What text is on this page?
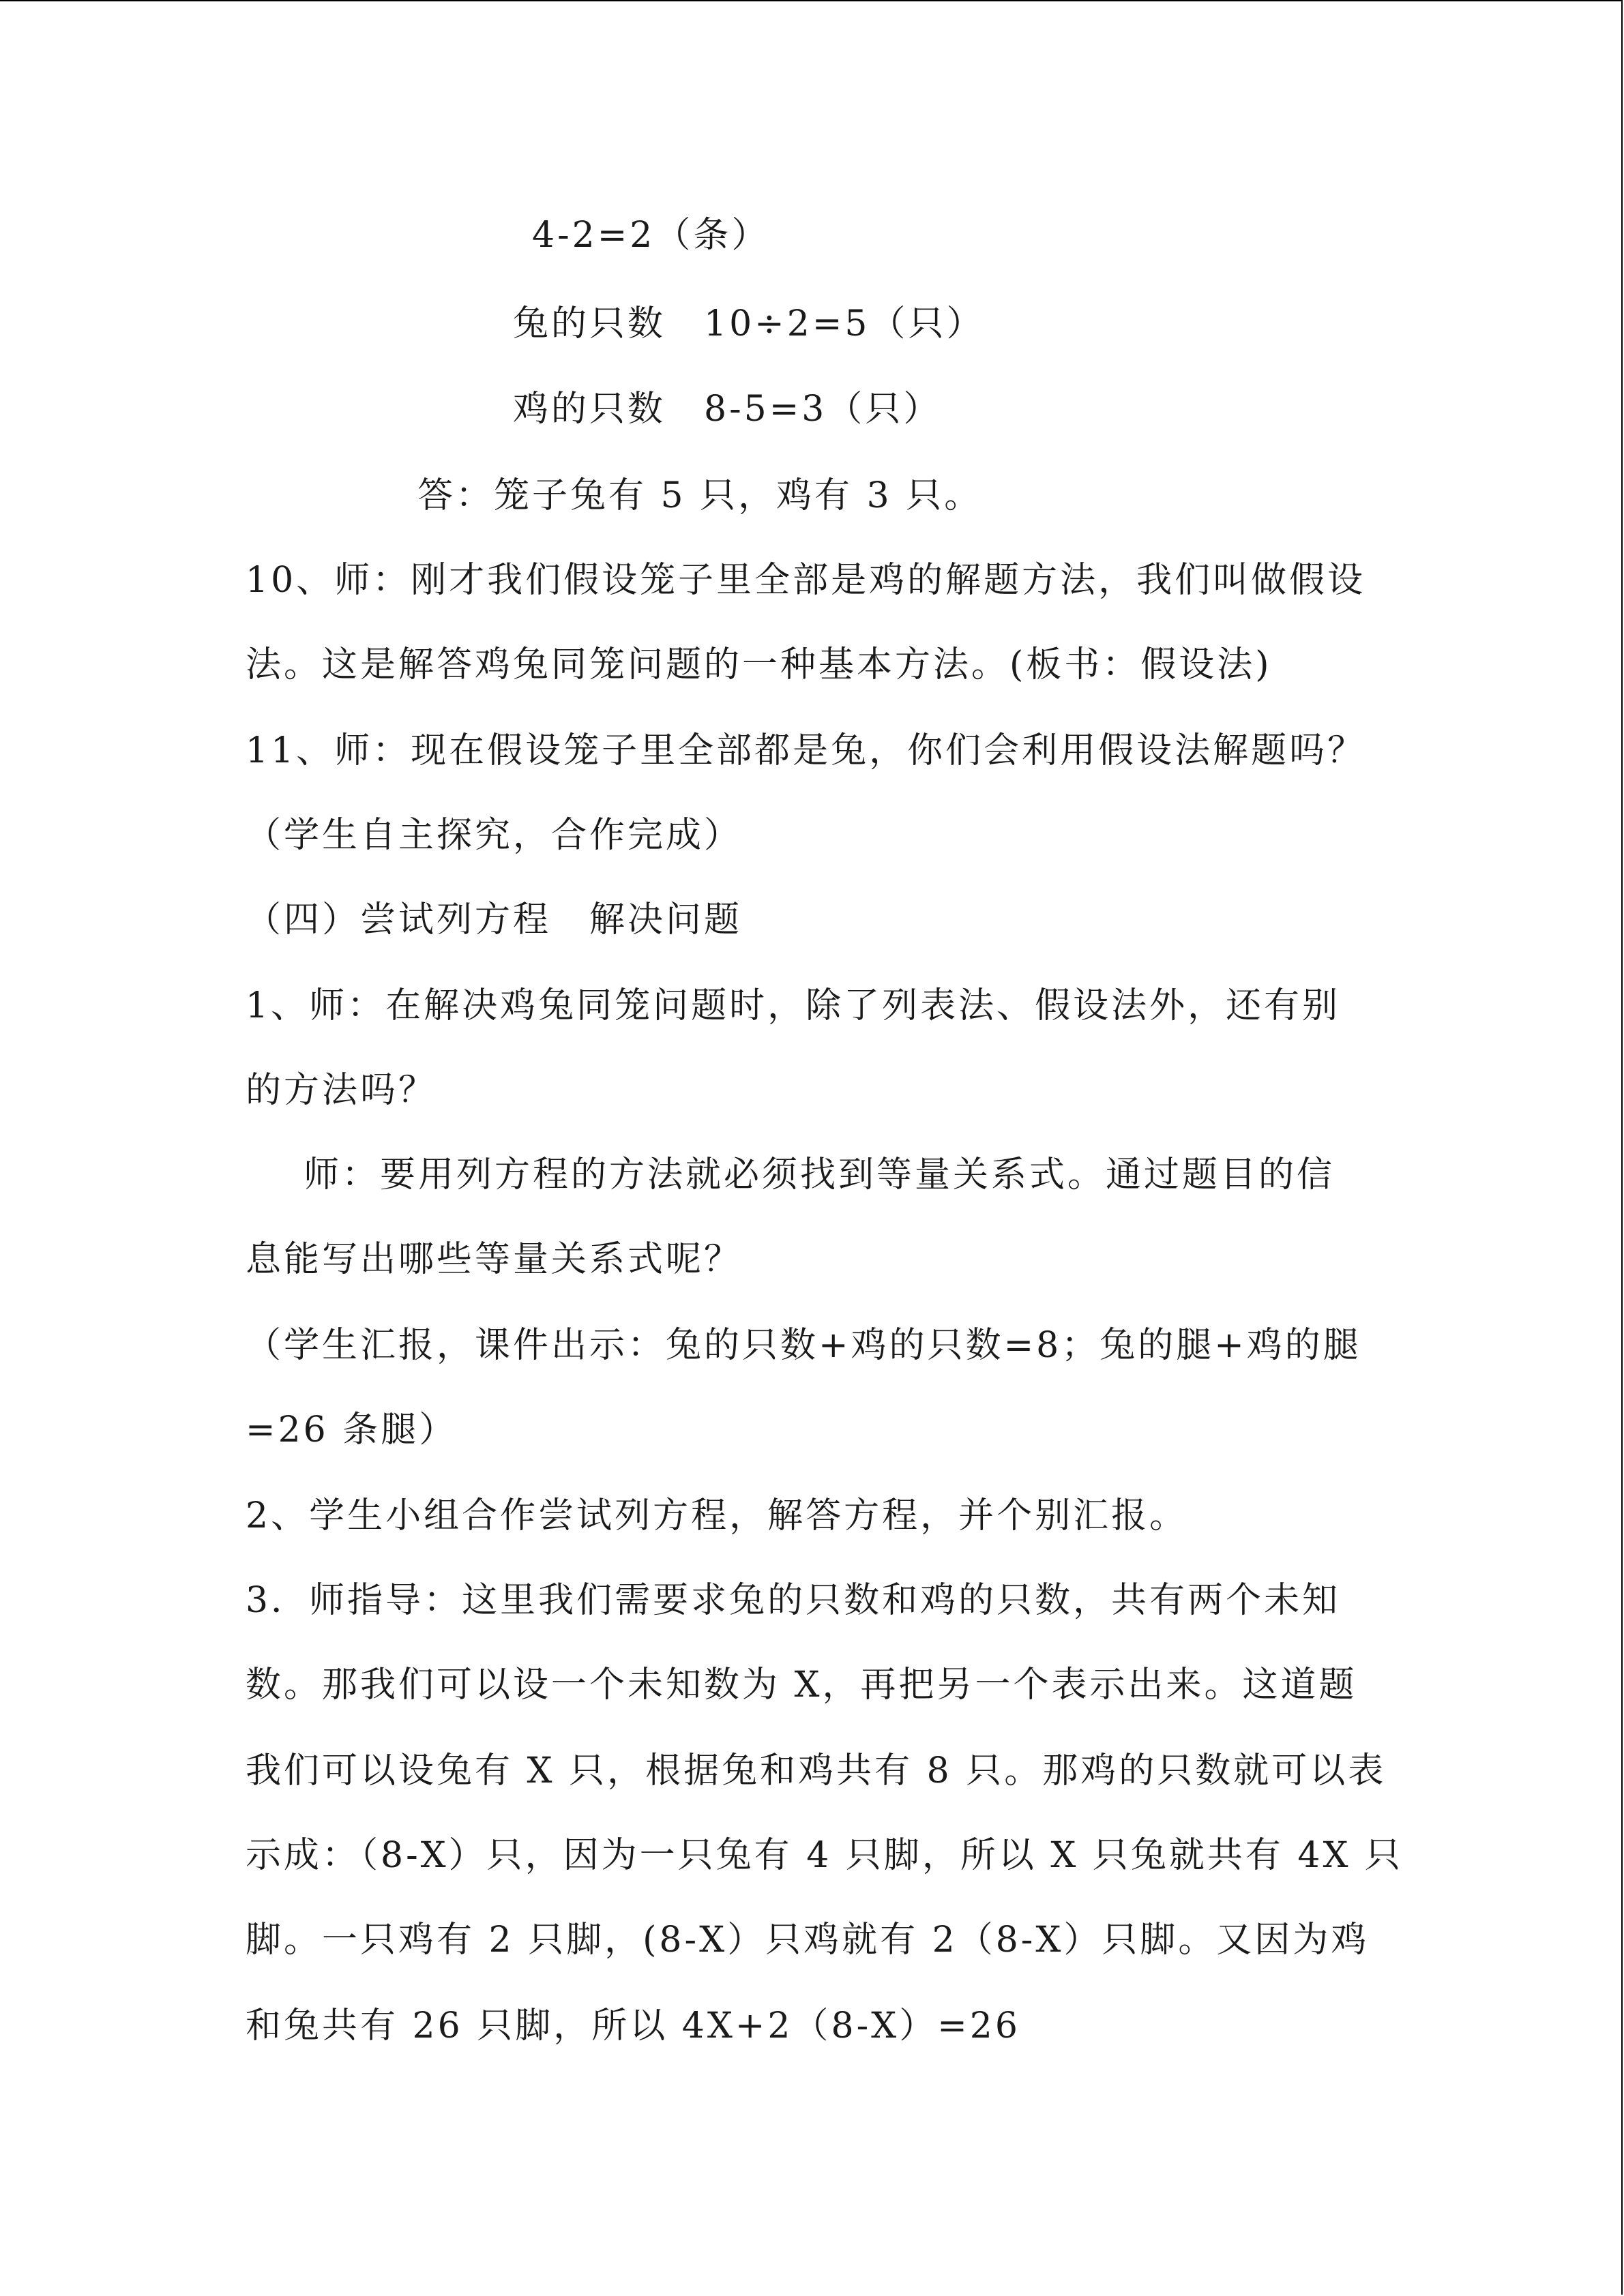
4-2=2（条）
兔的只数　10÷2=5（只）
鸡的只数　8-5=3（只）
答：笼子兔有 5 只，鸡有 3 只。
10、师：刚才我们假设笼子里全部是鸡的解题方法，我们叫做假设
法。这是解答鸡兔同笼问题的一种基本方法。(板书：假设法)
11、师：现在假设笼子里全部都是兔，你们会利用假设法解题吗？
（学生自主探究，合作完成）
（四）尝试列方程　解决问题
1、师：在解决鸡兔同笼问题时，除了列表法、假设法外，还有别
的方法吗？
师：要用列方程的方法就必须找到等量关系式。通过题目的信
息能写出哪些等量关系式呢？
（学生汇报，课件出示：兔的只数+鸡的只数=8；兔的腿+鸡的腿
=26 条腿）
2、学生小组合作尝试列方程，解答方程，并个别汇报。
3．师指导：这里我们需要求兔的只数和鸡的只数，共有两个未知
数。那我们可以设一个未知数为 X，再把另一个表示出来。这道题
我们可以设兔有 X 只，根据兔和鸡共有 8 只。那鸡的只数就可以表
示成：（8-X）只，因为一只兔有 4 只脚，所以 X 只兔就共有 4X 只
脚。一只鸡有 2 只脚，(8-X）只鸡就有 2（8-X）只脚。又因为鸡
和兔共有 26 只脚，所以 4X+2（8-X）=26
